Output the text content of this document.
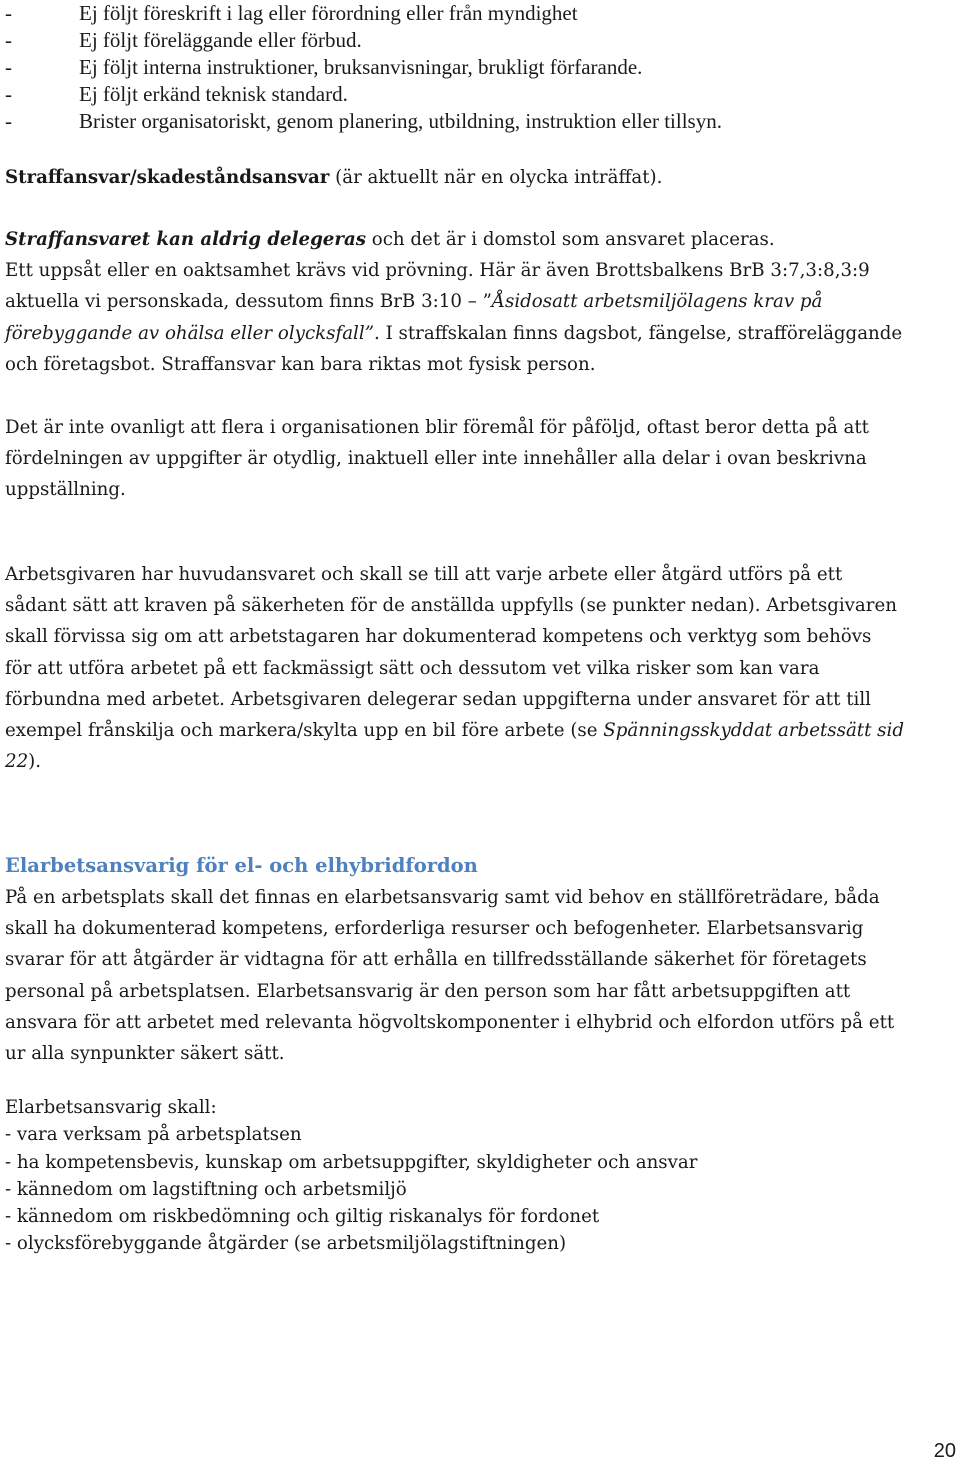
-	Ej följt föreskrift i lag eller förordning eller från myndighet
-	Ej följt föreläggande eller förbud.
-	Ej följt interna instruktioner, bruksanvisningar, brukligt förfarande.
-	Ej följt erkänd teknisk standard.
-	Brister organisatoriskt, genom planering, utbildning, instruktion eller tillsyn.

Straffansvar/skadeståndsansvar (är aktuellt när en olycka inträffat).

Straffansvaret kan aldrig delegeras och det är i domstol som ansvaret placeras.

Ett uppsåt eller en oaktsamhet krävs vid prövning. Här är även Brottsbalkens BrB 3:7,3:8,3:9

aktuella vi personskada, dessutom finns BrB 3:10 – ”Åsidosatt arbetsmiljölagens krav på

förebyggande av ohälsa eller olycksfall”. I straffskalan finns dagsbot, fängelse, strafföreläggande

och företagsbot. Straffansvar kan bara riktas mot fysisk person.

Det är inte ovanligt att flera i organisationen blir föremål för påföljd, oftast beror detta på att

fördelningen av uppgifter är otydlig, inaktuell eller inte innehåller alla delar i ovan beskrivna

uppställning.

Arbetsgivaren har huvudansvaret och skall se till att varje arbete eller åtgärd utförs på ett

sådant sätt att kraven på säkerheten för de anställda uppfylls (se punkter nedan). Arbetsgivaren

skall förvissa sig om att arbetstagaren har dokumenterad kompetens och verktyg som behövs

för att utföra arbetet på ett fackmässigt sätt och dessutom vet vilka risker som kan vara

förbundna med arbetet. Arbetsgivaren delegerar sedan uppgifterna under ansvaret för att till

exempel frånskilja och markera/skylta upp en bil före arbete (se Spänningsskyddat arbetssätt sid

22).

Elarbetsansvarig för el- och elhybridfordon

På en arbetsplats skall det finnas en elarbetsansvarig samt vid behov en ställföreträdare, båda

skall ha dokumenterad kompetens, erforderliga resurser och befogenheter. Elarbetsansvarig

svarar för att åtgärder är vidtagna för att erhålla en tillfredsställande säkerhet för företagets

personal på arbetsplatsen. Elarbetsansvarig är den person som har fått arbetsuppgiften att

ansvara för att arbetet med relevanta högvoltskomponenter i elhybrid och elfordon utförs på ett

ur alla synpunkter säkert sätt.

Elarbetsansvarig skall:
- vara verksam på arbetsplatsen
- ha kompetensbevis, kunskap om arbetsuppgifter, skyldigheter och ansvar
- kännedom om lagstiftning och arbetsmiljö
- kännedom om riskbedömning och giltig riskanalys för fordonet
- olycksförebyggande åtgärder (se arbetsmiljölagstiftningen)
20
